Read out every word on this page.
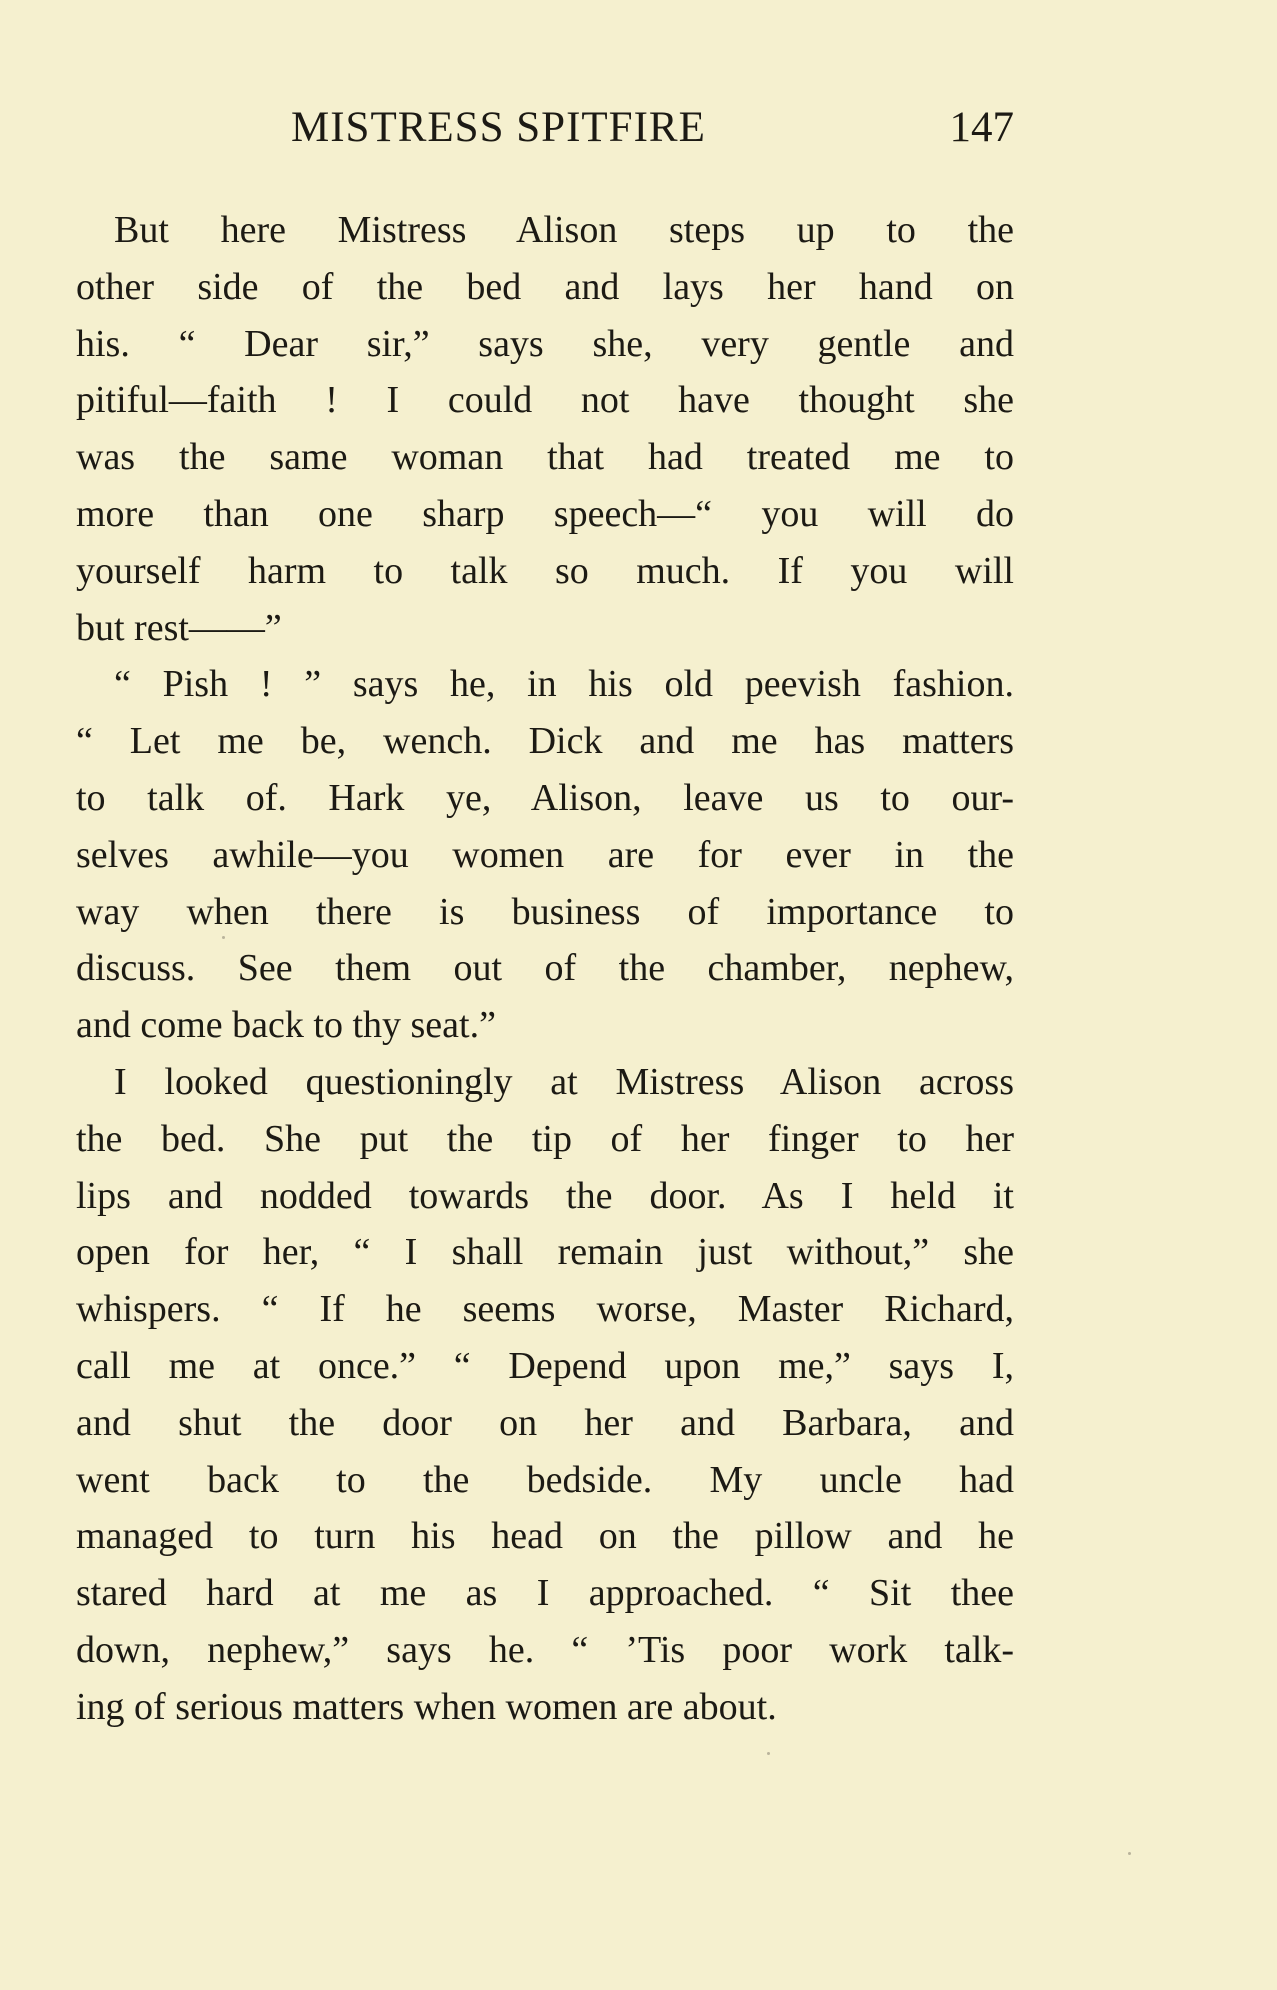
MISTRESS SPITFIRE	147
But here Mistress Alison steps up to the
other side of the bed and lays her hand on
his. “ Dear sir,” says she, very gentle and
pitiful—faith ! I could not have thought she
was the same woman that had treated me to
more than one sharp speech—“ you will do
yourself harm to talk so much. If you will
but rest——”
“ Pish ! ” says he, in his old peevish fashion.
“ Let me be, wench. Dick and me has matters
to talk of. Hark ye, Alison, leave us to our-
selves awhile—you women are for ever in the
way when there is business of importance to
discuss. See them out of the chamber, nephew,
and come back to thy seat.”
I looked questioningly at Mistress Alison across
the bed. She put the tip of her finger to her
lips and nodded towards the door. As I held it
open for her, “ I shall remain just without,” she
whispers. “ If he seems worse, Master Richard,
call me at once.” “ Depend upon me,” says I,
and shut the door on her and Barbara, and
went back to the bedside. My uncle had
managed to turn his head on the pillow and he
stared hard at me as I approached. “ Sit thee
down, nephew,” says he. “ ’Tis poor work talk-
ing of serious matters when women are about.
